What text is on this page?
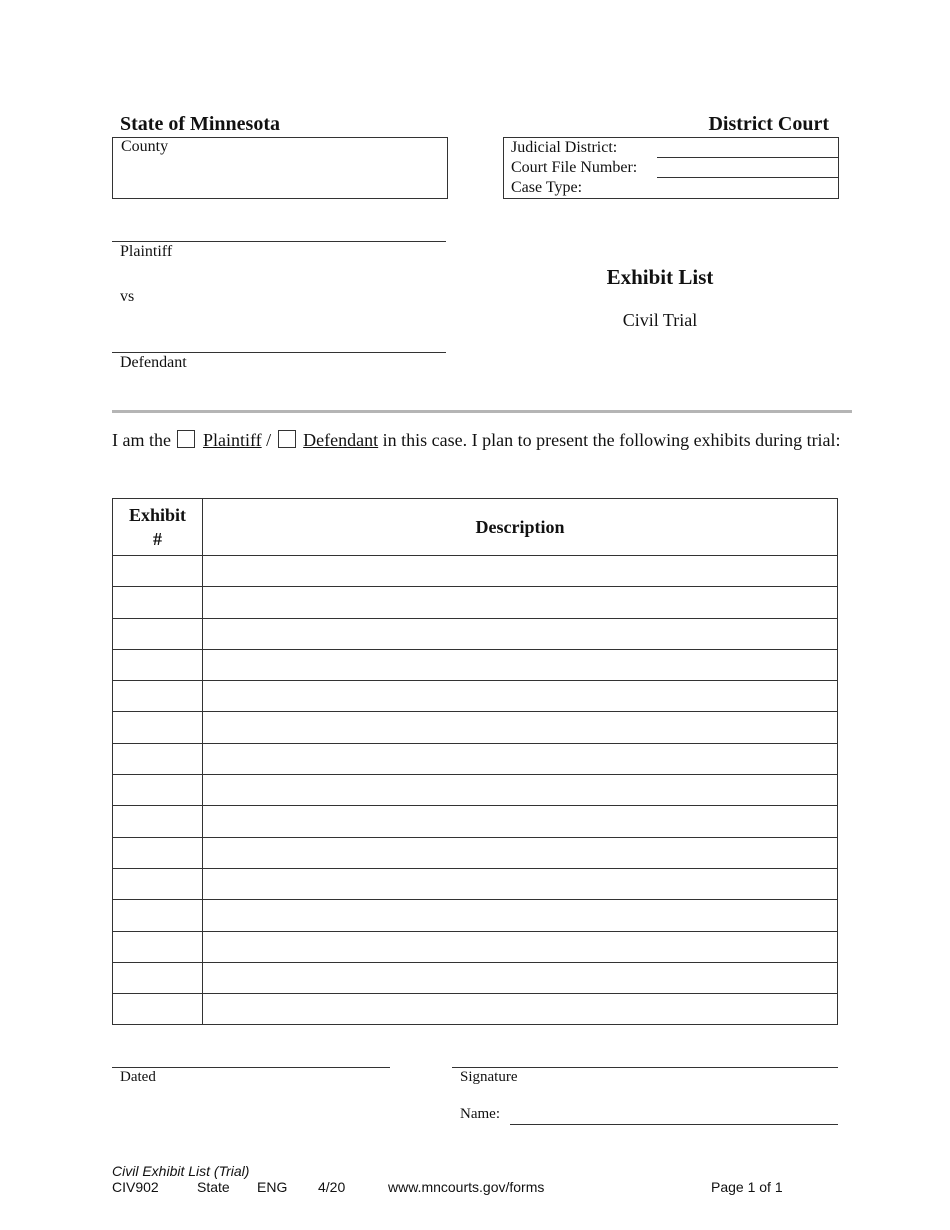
State of Minnesota	District Court
County	Judicial District:
Court File Number:
Case Type:
Plaintiff
vs
Defendant
Exhibit List
Civil Trial
I am the Plaintiff / Defendant in this case. I plan to present the following exhibits during trial:
Exhibit #	Description

Dated	Signature
Name:
Civil Exhibit List (Trial)
CIV902	State ENG 4/20	www.mncourts.gov/forms	Page 1 of 1
